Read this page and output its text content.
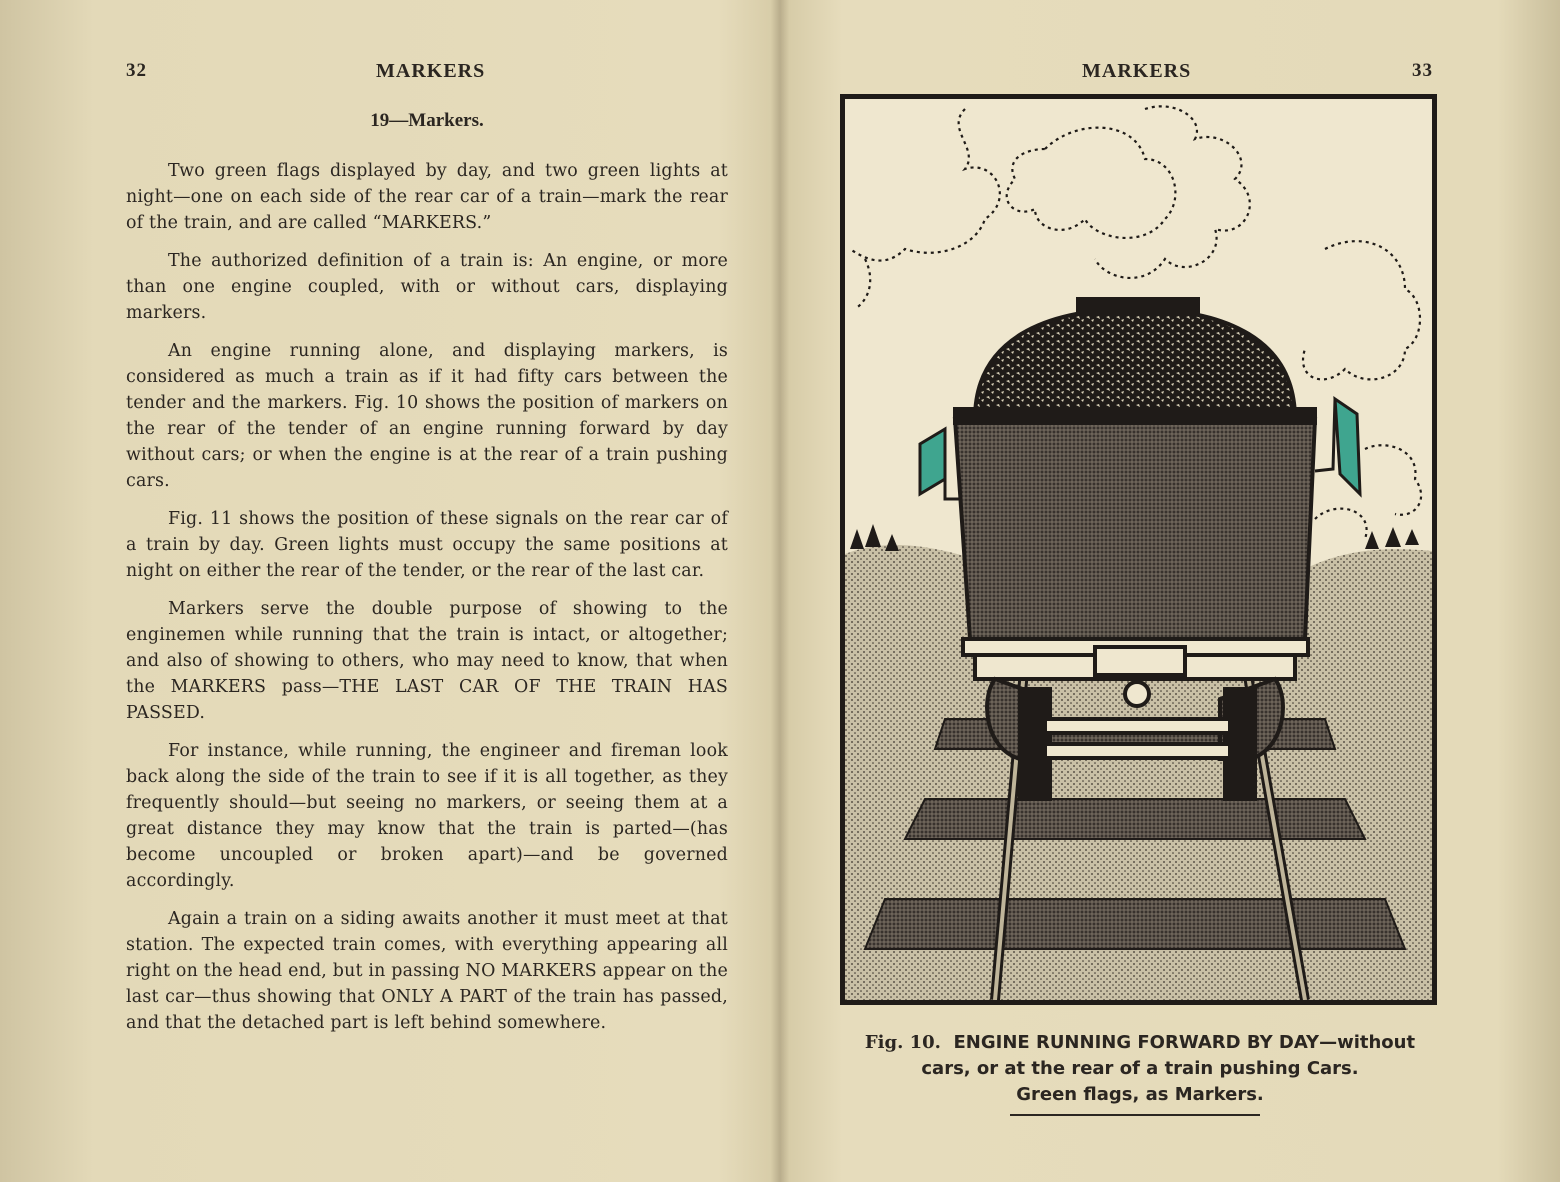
32	MARKERS
19—Markers.

Two green flags displayed by day, and two green lights at night—one on each side of the rear car of a train—mark the rear of the train, and are called “MARKERS.”

The authorized definition of a train is: An engine, or more than one engine coupled, with or without cars, displaying markers.

An engine running alone, and displaying markers, is considered as much a train as if it had fifty cars between the tender and the markers. Fig. 10 shows the position of markers on the rear of the tender of an engine running forward by day without cars; or when the engine is at the rear of a train pushing cars.

Fig. 11 shows the position of these signals on the rear car of a train by day. Green lights must occupy the same positions at night on either the rear of the tender, or the rear of the last car.

Markers serve the double purpose of showing to the enginemen while running that the train is intact, or altogether; and also of showing to others, who may need to know, that when the MARKERS pass—THE LAST CAR OF THE TRAIN HAS PASSED.

For instance, while running, the engineer and fireman look back along the side of the train to see if it is all together, as they frequently should—but seeing no markers, or seeing them at a great distance they may know that the train is parted—(has become uncoupled or broken apart)—and be governed accordingly.

Again a train on a siding awaits another it must meet at that station. The expected train comes, with everything appearing all right on the head end, but in passing NO MARKERS appear on the last car—thus showing that ONLY A PART of the train has passed, and that the detached part is left behind somewhere.

MARKERS	33
Fig. 10. ENGINE RUNNING FORWARD BY DAY—without
cars, or at the rear of a train pushing Cars.
Green flags, as Markers.
